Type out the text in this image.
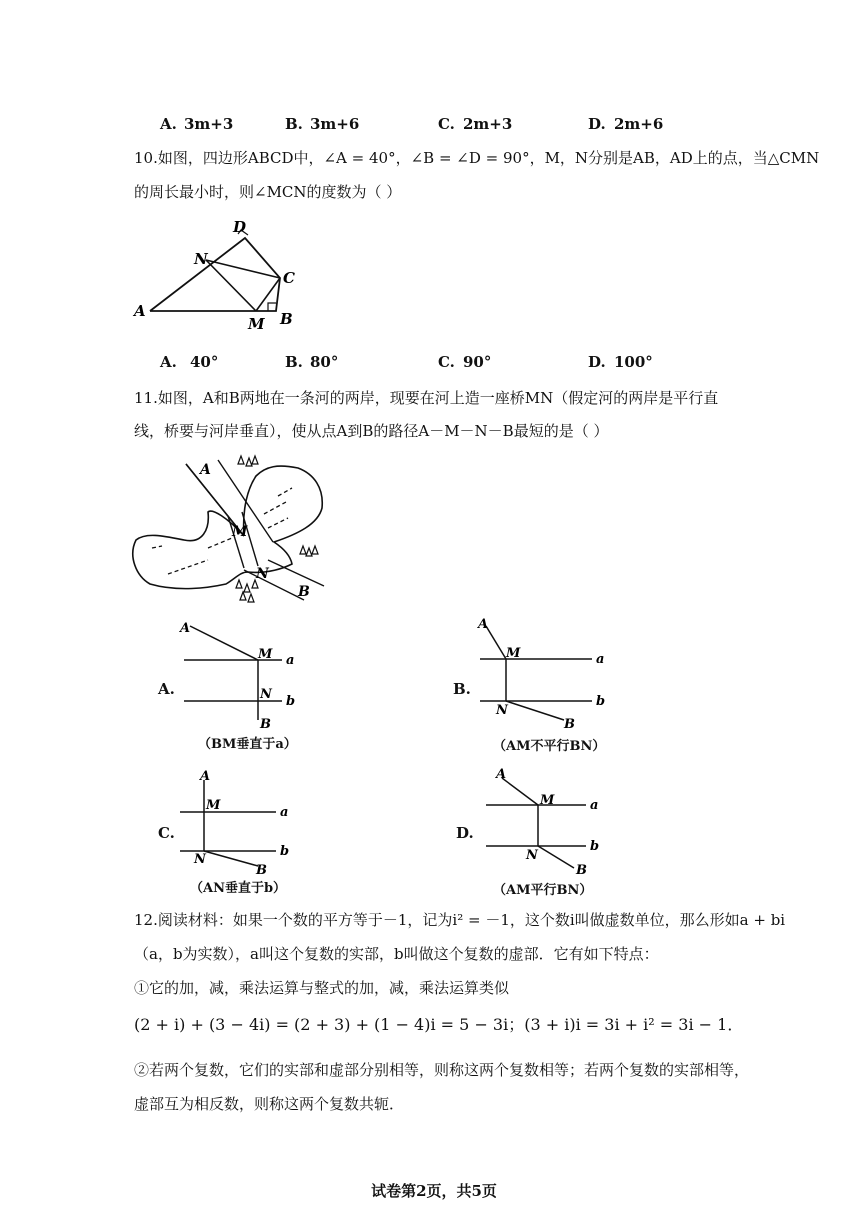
A. 3m+3	B. 3m+6	C. 2m+3	D. 2m+6
10.如图，四边形ABCD中，∠A = 40°，∠B = ∠D = 90°，M，N分别是AB，AD上的点，当△CMN
的周长最小时，则∠MCN的度数为（ ）
D
N
C
A
M B
A. 40°	B. 80°	C. 90°	D. 100°
11.如图，A和B两地在一条河的两岸，现要在河上造一座桥MN（假定河的两岸是平行直
线，桥要与河岸垂直），使从点A到B的路径A－M－N－B最短的是（ ）
A
M
N
B
A.
A
M a
N b
B
（BM垂直于a）
B.
A
M	a
N
b
B
（AM不平行BN）
C.
A
M	a
N
b
B
（AN垂直于b）
D.
A
M	a
N
b
B
（AM平行BN）
12.阅读材料：如果一个数的平方等于－1，记为i² = －1，这个数i叫做虚数单位，那么形如a + bi
（a，b为实数），a叫这个复数的实部，b叫做这个复数的虚部．它有如下特点：
①它的加，减，乘法运算与整式的加，减，乘法运算类似
(2 + i) + (3 − 4i) = (2 + 3) + (1 − 4)i = 5 − 3i；(3 + i)i = 3i + i² = 3i − 1．
②若两个复数，它们的实部和虚部分别相等，则称这两个复数相等；若两个复数的实部相等，
虚部互为相反数，则称这两个复数共轭．
试卷第2页，共5页
